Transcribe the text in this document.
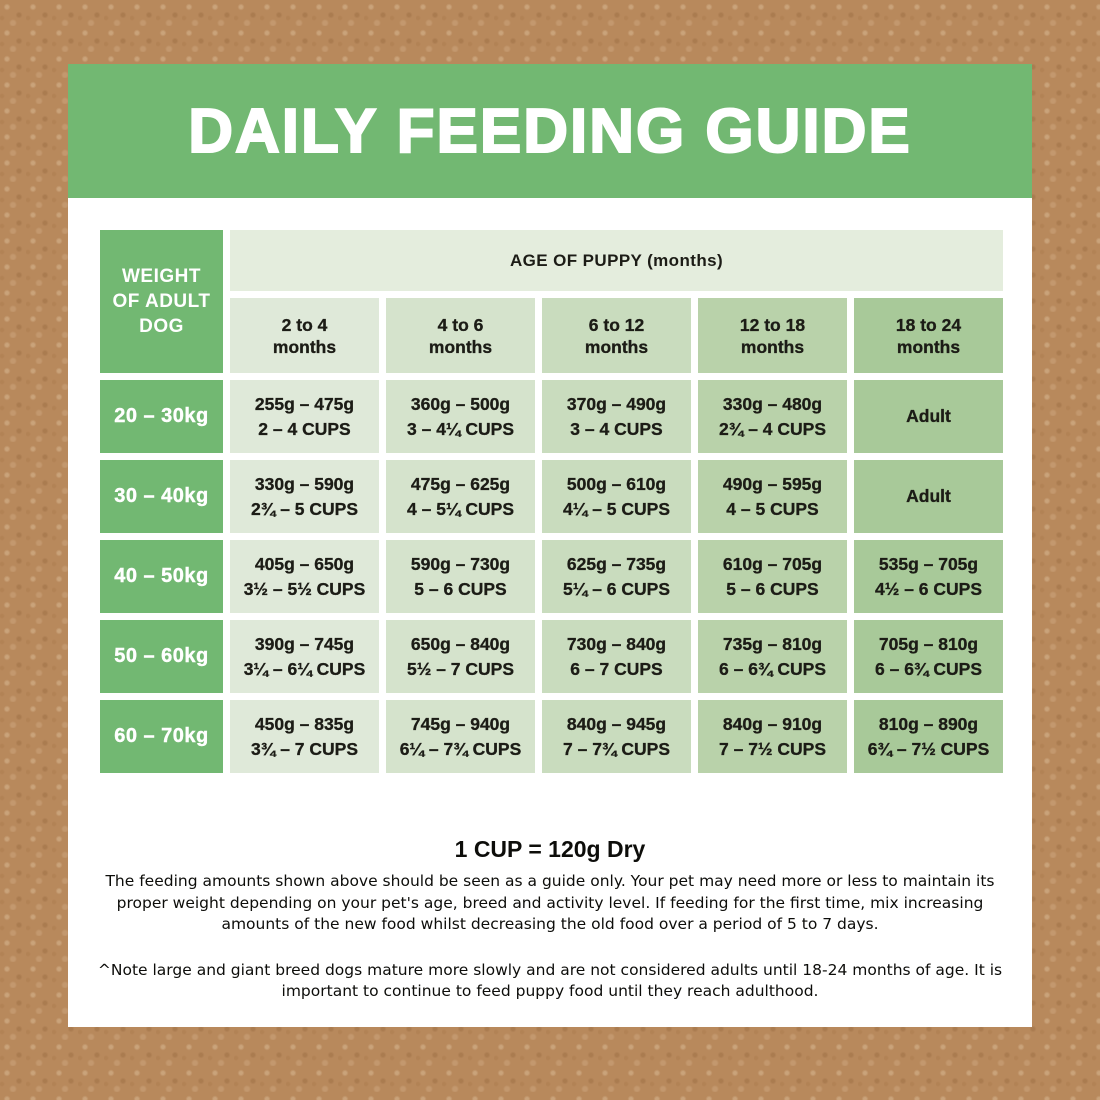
DAILY FEEDING GUIDE
WEIGHT
OF ADULT
DOG
AGE OF PUPPY (months)
2 to 4
months
4 to 6
months
6 to 12
months
12 to 18
months
18 to 24
months
20 – 30kg
255g – 475g
2 – 4 CUPS
360g – 500g
3 – 4¼ CUPS
370g – 490g
3 – 4 CUPS
330g – 480g
2¾ – 4 CUPS
Adult
30 – 40kg
330g – 590g
2¾ – 5 CUPS
475g – 625g
4 – 5¼ CUPS
500g – 610g
4¼ – 5 CUPS
490g – 595g
4 – 5 CUPS
Adult
40 – 50kg
405g – 650g
3½ – 5½ CUPS
590g – 730g
5 – 6 CUPS
625g – 735g
5¼ – 6 CUPS
610g – 705g
5 – 6 CUPS
535g – 705g
4½ – 6 CUPS
50 – 60kg
390g – 745g
3¼ – 6¼ CUPS
650g – 840g
5½ – 7 CUPS
730g – 840g
6 – 7 CUPS
735g – 810g
6 – 6¾ CUPS
705g – 810g
6 – 6¾ CUPS
60 – 70kg
450g – 835g
3¾ – 7 CUPS
745g – 940g
6¼ – 7¾ CUPS
840g – 945g
7 – 7¾ CUPS
840g – 910g
7 – 7½ CUPS
810g – 890g
6¾ – 7½ CUPS

1 CUP = 120g Dry

The feeding amounts shown above should be seen as a guide only. Your pet may need more or less to maintain its proper weight depending on your pet's age, breed and activity level. If feeding for the first time, mix increasing amounts of the new food whilst decreasing the old food over a period of 5 to 7 days.

^Note large and giant breed dogs mature more slowly and are not considered adults until 18-24 months of age. It is important to continue to feed puppy food until they reach adulthood.
